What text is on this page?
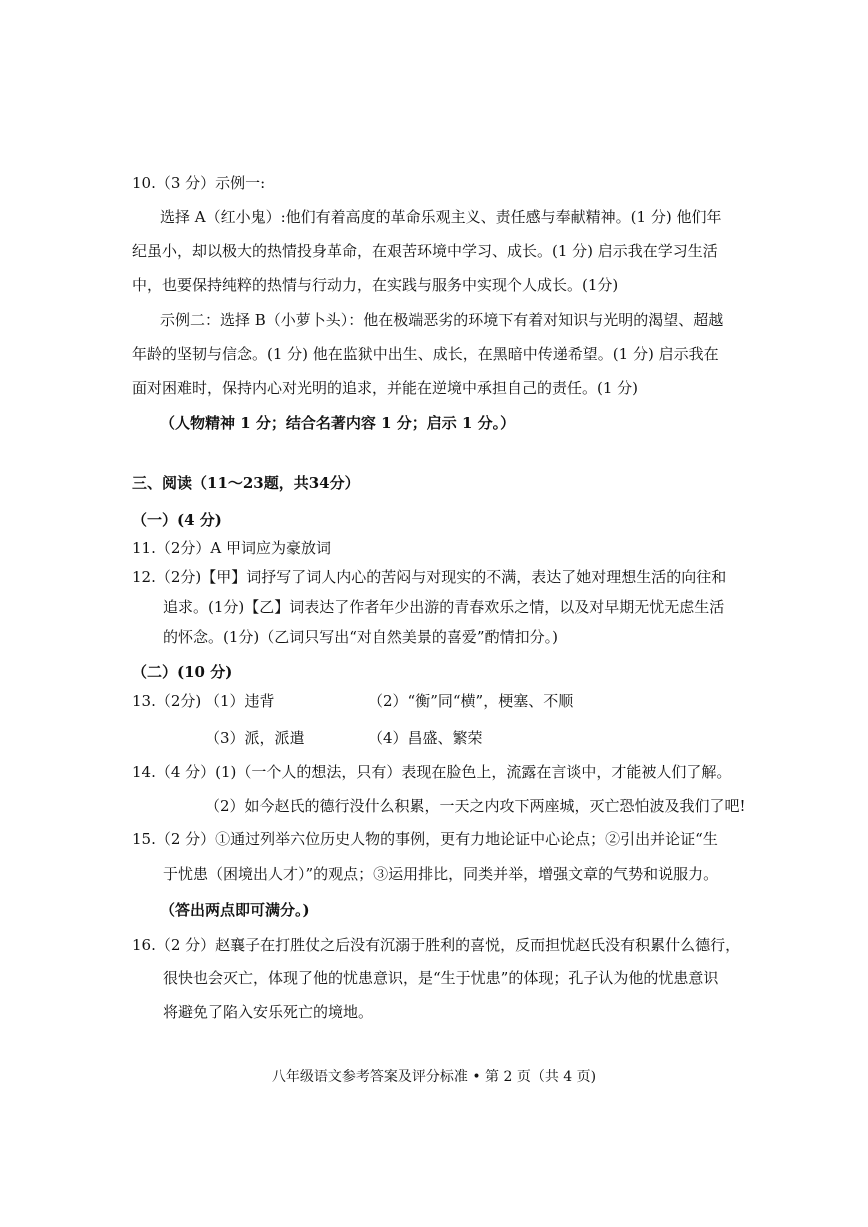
10.（3 分）示例一:
选择 A（红小鬼）:他们有着高度的革命乐观主义、责任感与奉献精神。(1 分) 他们年
纪虽小，却以极大的热情投身革命，在艰苦环境中学习、成长。(1 分) 启示我在学习生活
中，也要保持纯粹的热情与行动力，在实践与服务中实现个人成长。(1分)
示例二：选择 B（小萝卜头）：他在极端恶劣的环境下有着对知识与光明的渴望、超越
年龄的坚韧与信念。(1 分) 他在监狱中出生、成长，在黑暗中传递希望。(1 分) 启示我在
面对困难时，保持内心对光明的追求，并能在逆境中承担自己的责任。(1 分)
（人物精神 1 分；结合名著内容 1 分；启示 1 分。）
三、阅读（11～23题，共34分）
（一）(4 分)
11.（2分）A 甲词应为豪放词
12.（2分)【甲】词抒写了词人内心的苦闷与对现实的不满，表达了她对理想生活的向往和
追求。(1分)【乙】词表达了作者年少出游的青春欢乐之情，以及对早期无忧无虑生活
的怀念。(1分)（乙词只写出“对自然美景的喜爱”酌情扣分。)
（二）(10 分)
13.（2分) （1）违背	（2）“衡”同“横”，梗塞、不顺
（3）派，派遣	（4）昌盛、繁荣
14.（4 分）(1)（一个人的想法，只有）表现在脸色上，流露在言谈中，才能被人们了解。
（2）如今赵氏的德行没什么积累，一天之内攻下两座城，灭亡恐怕波及我们了吧!
15.（2 分）①通过列举六位历史人物的事例，更有力地论证中心论点；②引出并论证“生
于忧患（困境出人才）”的观点；③运用排比，同类并举，增强文章的气势和说服力。
（答出两点即可满分。)
16.（2 分）赵襄子在打胜仗之后没有沉溺于胜利的喜悦，反而担忧赵氏没有积累什么德行，
很快也会灭亡，体现了他的忧患意识，是“生于忧患”的体现；孔子认为他的忧患意识
将避免了陷入安乐死亡的境地。
八年级语文参考答案及评分标准 • 第 2 页（共 4 页)
